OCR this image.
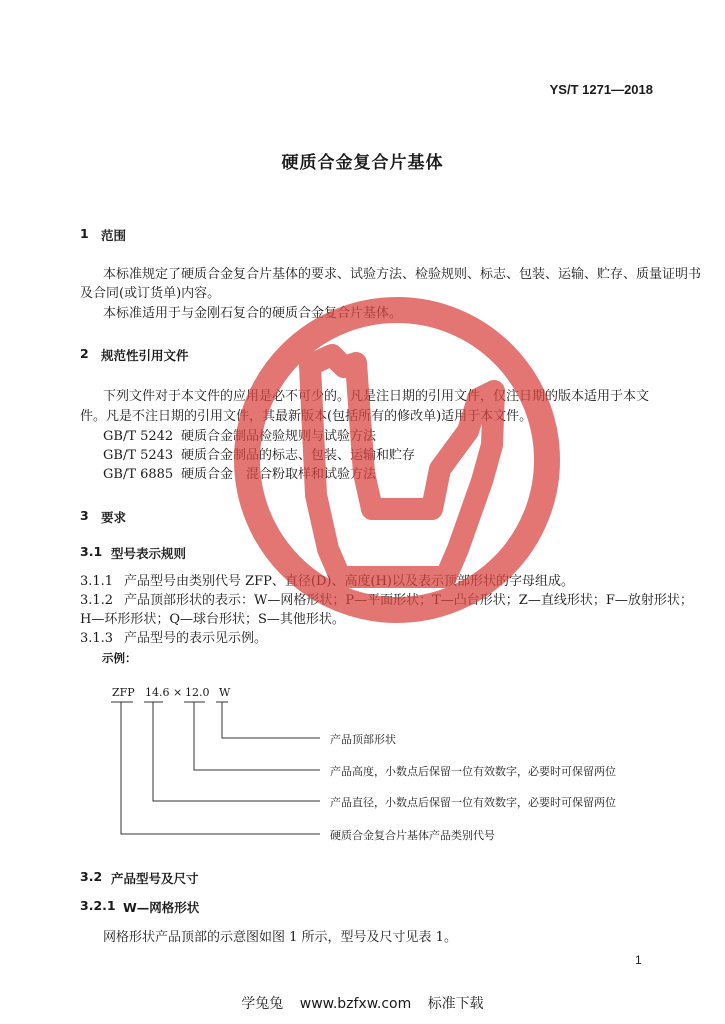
YS/T 1271—2018
硬质合金复合片基体
1 范围
本标准规定了硬质合金复合片基体的要求、试验方法、检验规则、标志、包装、运输、贮存、质量证明书
及合同(或订货单)内容。
本标准适用于与金刚石复合的硬质合金复合片基体。
2 规范性引用文件
下列文件对于本文件的应用是必不可少的。凡是注日期的引用文件，仅注日期的版本适用于本文
件。凡是不注日期的引用文件，其最新版本(包括所有的修改单)适用于本文件。
GB/T 5242 硬质合金制品检验规则与试验方法
GB/T 5243 硬质合金制品的标志、包装、运输和贮存
GB/T 6885 硬质合金　混合粉取样和试验方法
3 要求
3.1 型号表示规则
3.1.1 产品型号由类别代号 ZFP、直径(D)、高度(H)以及表示顶部形状的字母组成。
3.1.2 产品顶部形状的表示：W—网格形状；P—平面形状；T—凸台形状；Z—直线形状；F—放射形状；
H—环形形状；Q—球台形状；S—其他形状。
3.1.3 产品型号的表示见示例。
示例：
ZFP 14.6 × 12.0 W
产品顶部形状
产品高度，小数点后保留一位有效数字，必要时可保留两位
产品直径，小数点后保留一位有效数字，必要时可保留两位
硬质合金复合片基体产品类别代号
3.2 产品型号及尺寸
3.2.1 W—网格形状
网格形状产品顶部的示意图如图 1 所示，型号及尺寸见表 1。
1
学兔兔 www.bzfxw.com 标准下载
